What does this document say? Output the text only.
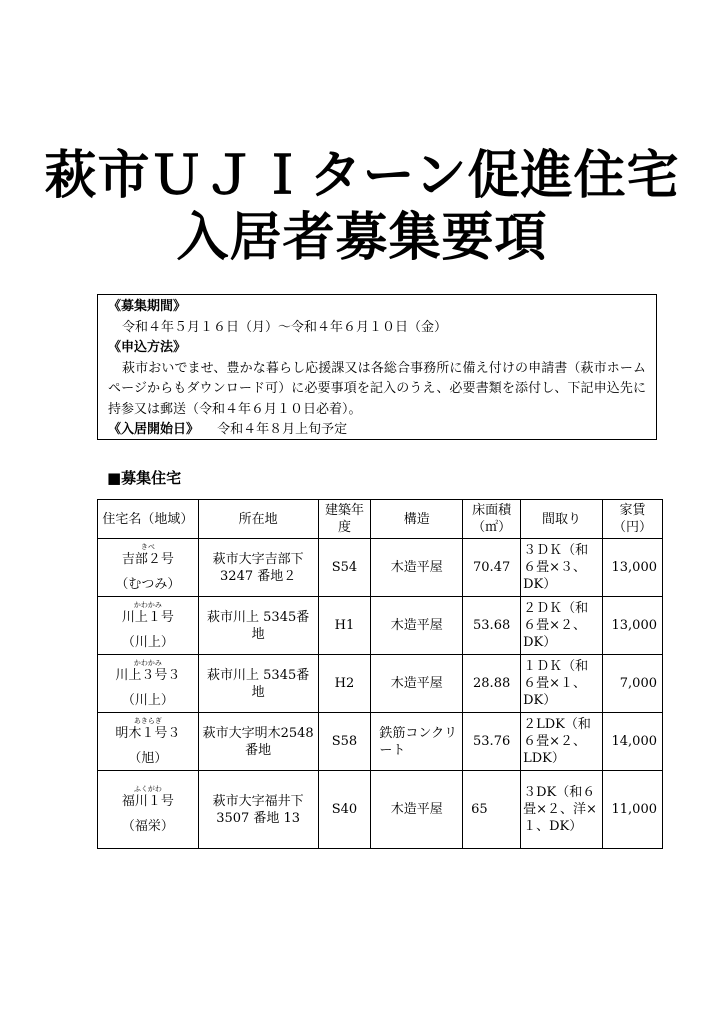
萩市ＵＪＩターン促進住宅
入居者募集要項
《募集期間》
令和４年５月１６日（月）～令和４年６月１０日（金）
《申込方法》
萩市おいでませ、豊かな暮らし応援課又は各総合事務所に備え付けの申請書（萩市ホームページからもダウンロード可）に必要事項を記入のうえ、必要書類を添付し、下記申込先に持参又は郵送（令和４年６月１０日必着）。
《入居開始日》 令和４年８月上旬予定
■募集住宅
住宅名（地域）	所在地	建築年度	構造	床面積（㎡）	間取り	家賃（円）

きべ
吉部２号
（むつみ）	萩市大字吉部下3247 番地２	S54	木造平屋	70.47	３ＤＫ（和６畳×３、DK）	13,000

かわかみ
川上１号
（川上）	萩市川上 5345番地	H1	木造平屋	53.68	２ＤＫ（和６畳×２、DK）	13,000

かわかみ
川上３号３
（川上）	萩市川上 5345番地	H2	木造平屋	28.88	１ＤＫ（和６畳×１、DK）	7,000

あきらぎ
明木１号３
（旭）	萩市大字明木2548 番地	S58	鉄筋コンクリート	53.76	２LDK（和６畳×２、LDK）	14,000

ふくがわ
福川１号
（福栄）	萩市大字福井下3507 番地 13	S40	木造平屋	65	３DK（和６畳×２、洋×１、DK）	11,000
